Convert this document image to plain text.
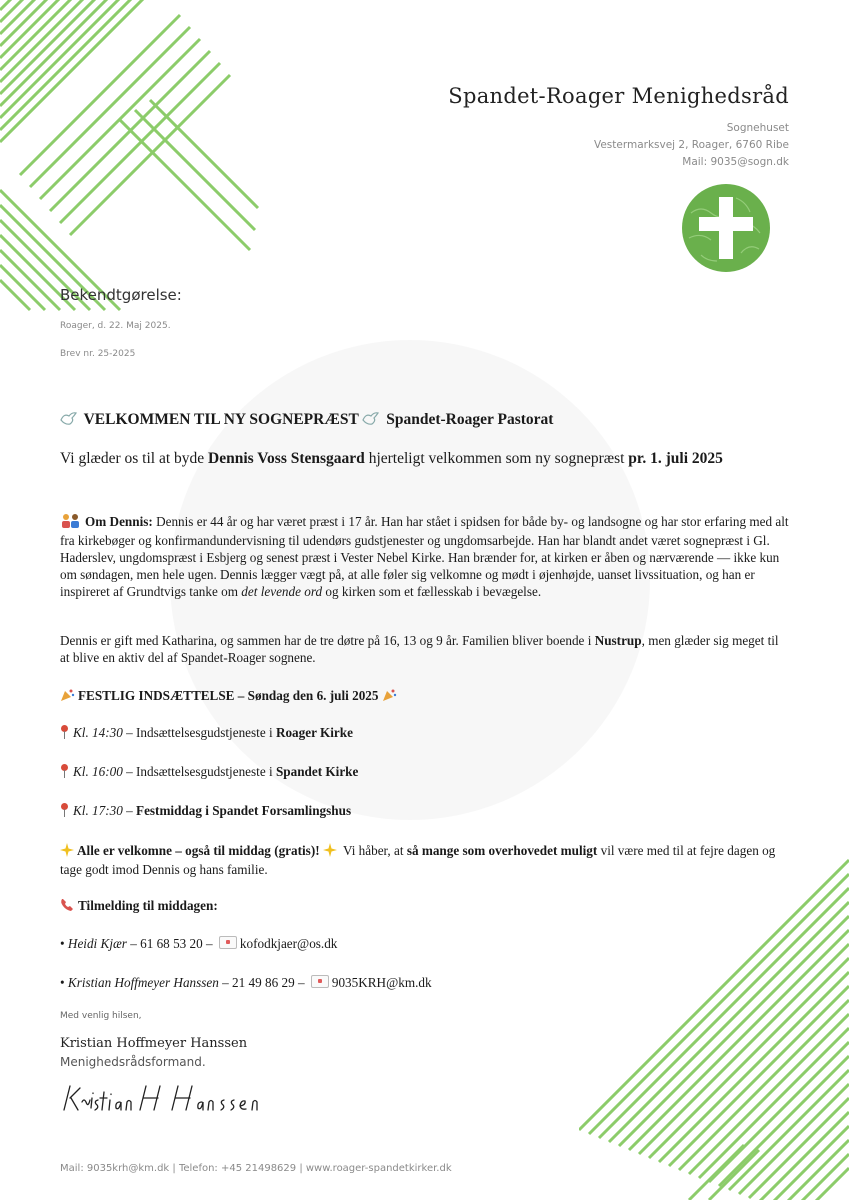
Spandet-Roager Menighedsråd
Sognehuset
Vestermarksvej 2, Roager, 6760 Ribe
Mail: 9035@sogn.dk
Bekendtgørelse:
Roager, d. 22. Maj 2025.
Brev nr. 25-2025
VELKOMMEN TIL NY SOGNEPRÆST Spandet-Roager Pastorat
Vi glæder os til at byde Dennis Voss Stensgaard hjerteligt velkommen som ny sognepræst pr. 1. juli 2025
Om Dennis: Dennis er 44 år og har været præst i 17 år. Han har stået i spidsen for både by- og landsogne og har stor erfaring med alt fra kirkebøger og konfirmandundervisning til udendørs gudstjenester og ungdomsarbejde. Han har blandt andet været sognepræst i Gl. Haderslev, ungdomspræst i Esbjerg og senest præst i Vester Nebel Kirke. Han brænder for, at kirken er åben og nærværende — ikke kun om søndagen, men hele ugen. Dennis lægger vægt på, at alle føler sig velkomne og mødt i øjenhøjde, uanset livssituation, og han er inspireret af Grundtvigs tanke om det levende ord og kirken som et fællesskab i bevægelse.
Dennis er gift med Katharina, og sammen har de tre døtre på 16, 13 og 9 år. Familien bliver boende i Nustrup, men glæder sig meget til at blive en aktiv del af Spandet-Roager sognene.
FESTLIG INDSÆTTELSE – Søndag den 6. juli 2025
Kl. 14:30 – Indsættelsesgudstjeneste i Roager Kirke
Kl. 16:00 – Indsættelsesgudstjeneste i Spandet Kirke
Kl. 17:30 – Festmiddag i Spandet Forsamlingshus
Alle er velkomne – også til middag (gratis)!  Vi håber, at så mange som overhovedet muligt vil være med til at fejre dagen og tage godt imod Dennis og hans familie.
Tilmelding til middagen:
• Heidi Kjær – 61 68 53 20 – kofodkjaer@os.dk
• Kristian Hoffmeyer Hanssen – 21 49 86 29 – 9035KRH@km.dk
Med venlig hilsen,
Kristian Hoffmeyer Hanssen
Menighedsrådsformand.
Mail: 9035krh@km.dk | Telefon: +45 21498629 | www.roager-spandetkirker.dk
